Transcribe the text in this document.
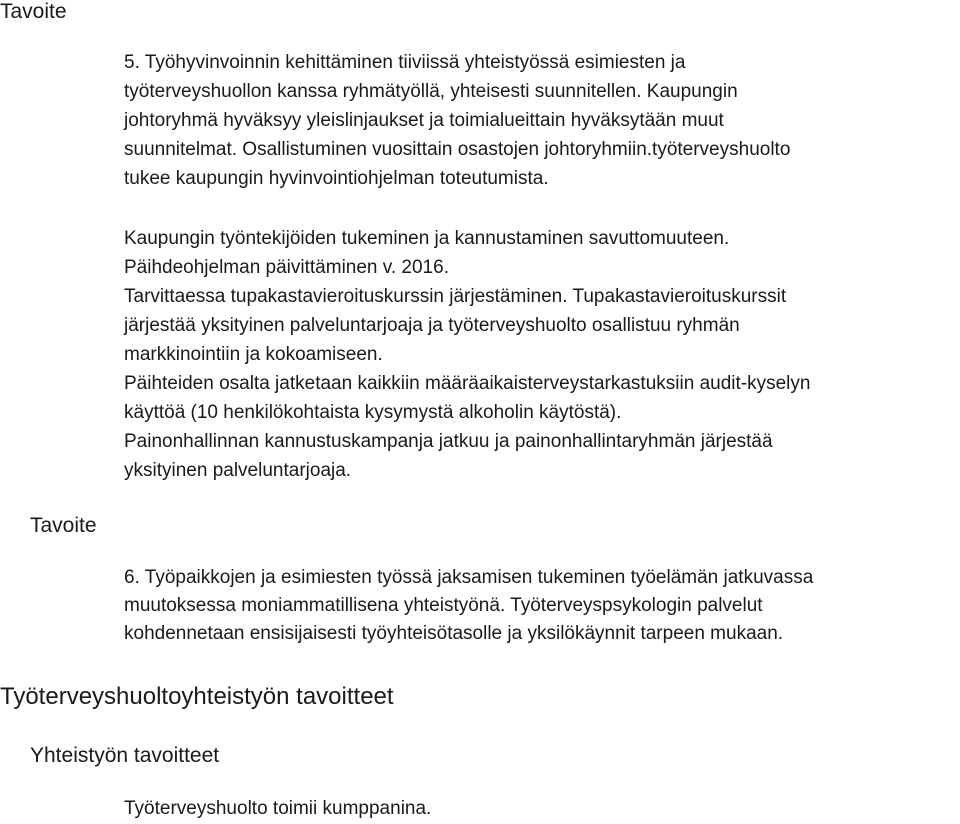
Tavoite

5. Työhyvinvoinnin kehittäminen tiiviissä yhteistyössä esimiesten ja

työterveyshuollon kanssa ryhmätyöllä, yhteisesti suunnitellen. Kaupungin

johtoryhmä hyväksyy yleislinjaukset ja toimialueittain hyväksytään muut

suunnitelmat. Osallistuminen vuosittain osastojen johtoryhmiin.työterveyshuolto

tukee kaupungin hyvinvointiohjelman toteutumista.

Kaupungin työntekijöiden tukeminen ja kannustaminen savuttomuuteen.

Päihdeohjelman päivittäminen v. 2016.

Tarvittaessa tupakastavieroituskurssin järjestäminen. Tupakastavieroituskurssit

järjestää yksityinen palveluntarjoaja ja työterveyshuolto osallistuu ryhmän

markkinointiin ja kokoamiseen.

Päihteiden osalta jatketaan kaikkiin määräaikaisterveystarkastuksiin audit-kyselyn

käyttöä (10 henkilökohtaista kysymystä alkoholin käytöstä).

Painonhallinnan kannustuskampanja jatkuu ja painonhallintaryhmän järjestää

yksityinen palveluntarjoaja.

Tavoite

6. Työpaikkojen ja esimiesten työssä jaksamisen tukeminen työelämän jatkuvassa

muutoksessa moniammatillisena yhteistyönä. Työterveyspsykologin palvelut

kohdennetaan ensisijaisesti työyhteisötasolle ja yksilökäynnit tarpeen mukaan.

Työterveyshuoltoyhteistyön tavoitteet
Yhteistyön tavoitteet

Työterveyshuolto toimii kumppanina.
